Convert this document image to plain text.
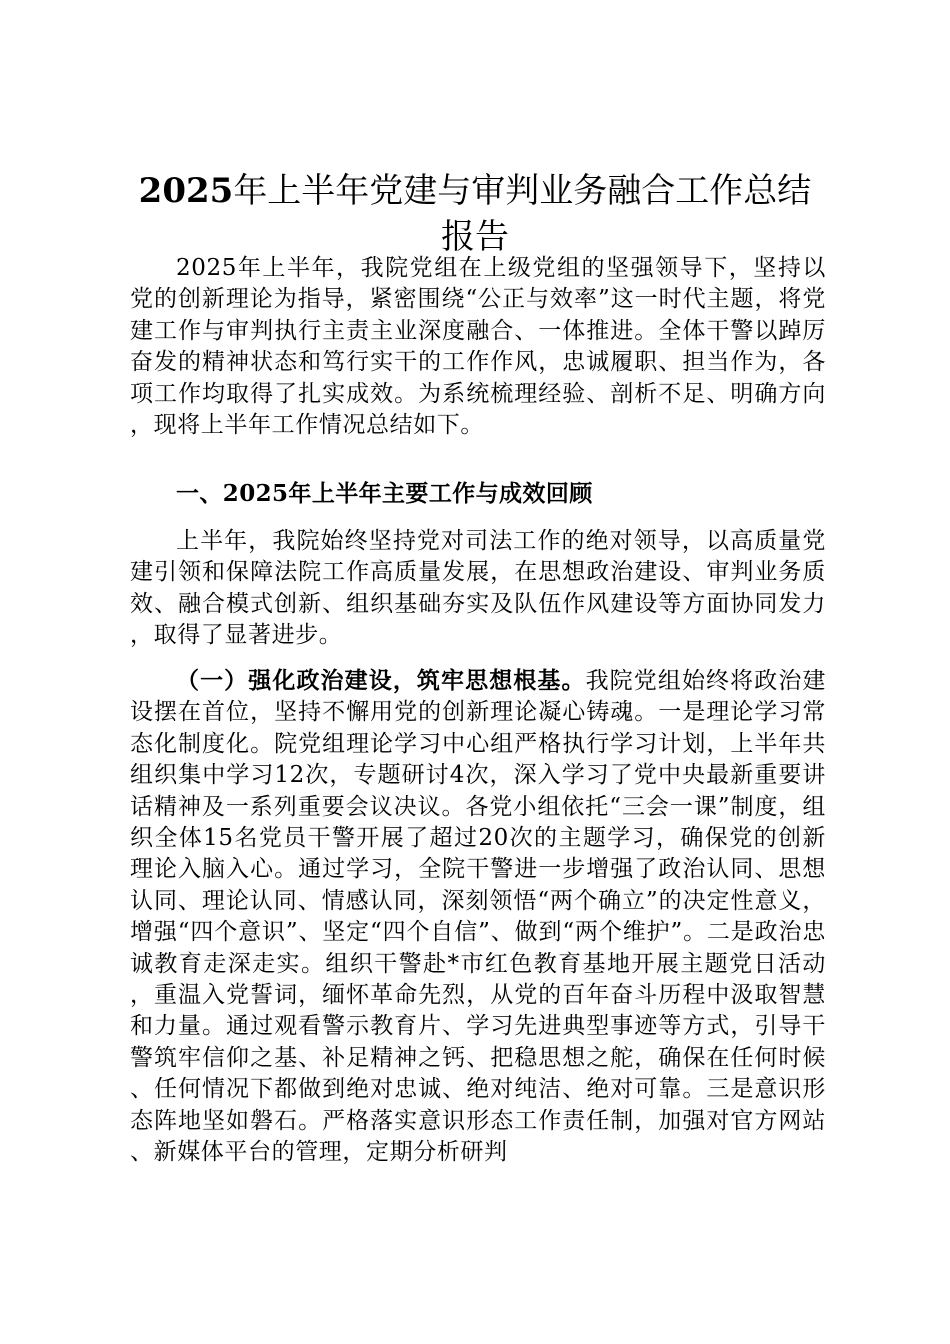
2025年上半年党建与审判业务融合工作总结
报告

2025年上半年，我院党组在上级党组的坚强领导下，坚持以党的创新理论为指导，紧密围绕“公正与效率”这一时代主题，将党建工作与审判执行主责主业深度融合、一体推进。全体干警以踔厉奋发的精神状态和笃行实干的工作作风，忠诚履职、担当作为，各项工作均取得了扎实成效。为系统梳理经验、剖析不足、明确方向，现将上半年工作情况总结如下。

一、2025年上半年主要工作与成效回顾

上半年，我院始终坚持党对司法工作的绝对领导，以高质量党建引领和保障法院工作高质量发展，在思想政治建设、审判业务质效、融合模式创新、组织基础夯实及队伍作风建设等方面协同发力，取得了显著进步。

（一）强化政治建设，筑牢思想根基。我院党组始终将政治建设摆在首位，坚持不懈用党的创新理论凝心铸魂。一是理论学习常态化制度化。院党组理论学习中心组严格执行学习计划，上半年共组织集中学习12次，专题研讨4次，深入学习了党中央最新重要讲话精神及一系列重要会议决议。各党小组依托“三会一课”制度，组织全体15名党员干警开展了超过20次的主题学习，确保党的创新理论入脑入心。通过学习，全院干警进一步增强了政治认同、思想认同、理论认同、情感认同，深刻领悟“两个确立”的决定性意义，增强“四个意识”、坚定“四个自信”、做到“两个维护”。二是政治忠诚教育走深走实。组织干警赴*市红色教育基地开展主题党日活动，重温入党誓词，缅怀革命先烈，从党的百年奋斗历程中汲取智慧和力量。通过观看警示教育片、学习先进典型事迹等方式，引导干警筑牢信仰之基、补足精神之钙、把稳思想之舵，确保在任何时候、任何情况下都做到绝对忠诚、绝对纯洁、绝对可靠。三是意识形态阵地坚如磐石。严格落实意识形态工作责任制，加强对官方网站、新媒体平台的管理，定期分析研判
